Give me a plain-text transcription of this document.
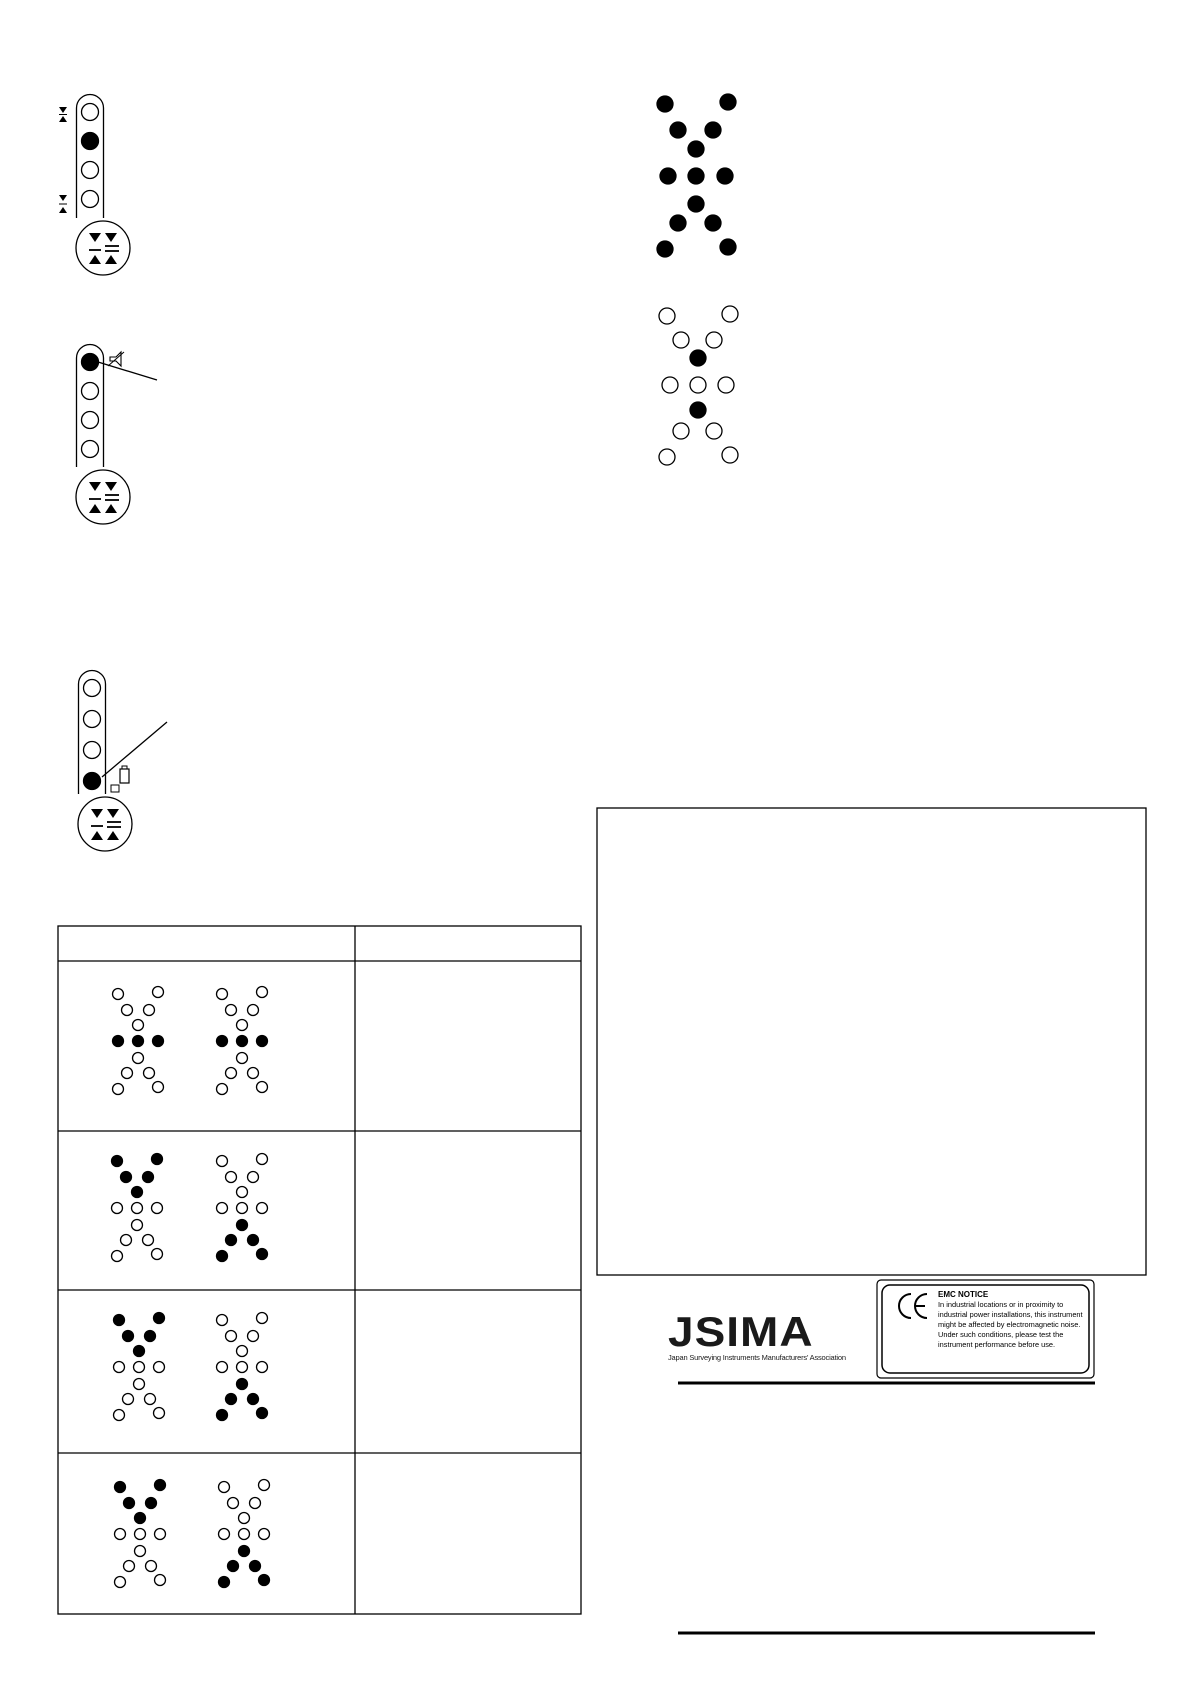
EMC NOTICE
In industrial locations or in proximity to industrial power installations, this instrument might be affected by electromagnetic noise. Under such conditions, please test the instrument performance before use.
JSIMA
Japan Surveying Instruments Manufacturers' Association
